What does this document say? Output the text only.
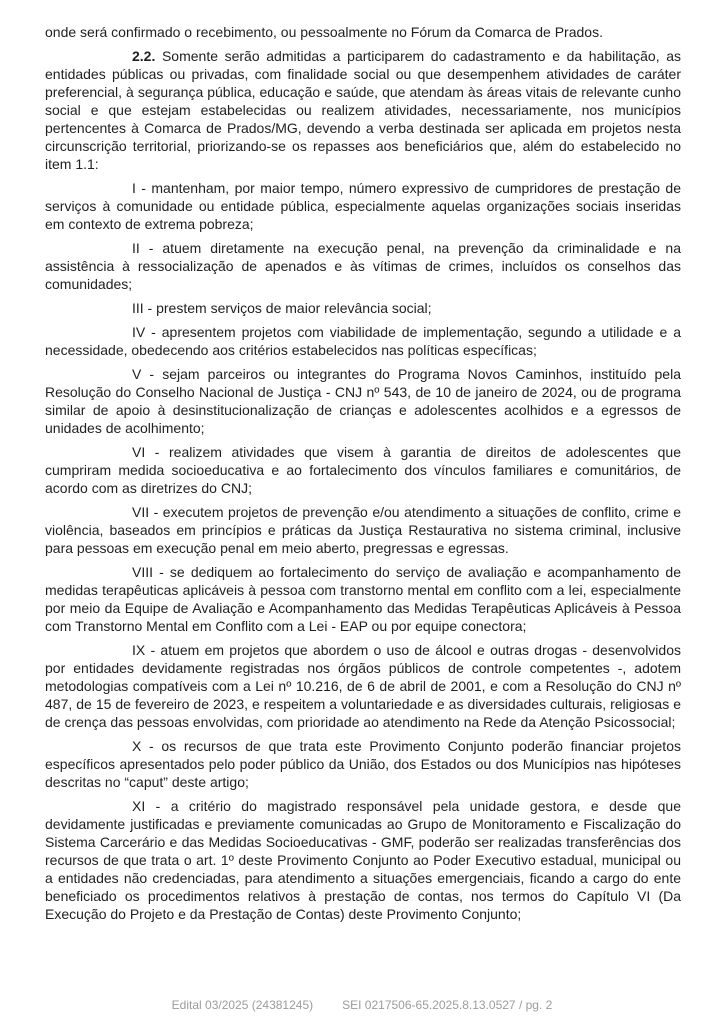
onde será confirmado o recebimento, ou pessoalmente no Fórum da Comarca de Prados.

2.2. Somente serão admitidas a participarem do cadastramento e da habilitação, as entidades públicas ou privadas, com finalidade social ou que desempenhem atividades de caráter preferencial, à segurança pública, educação e saúde, que atendam às áreas vitais de relevante cunho social e que estejam estabelecidas ou realizem atividades, necessariamente, nos municípios pertencentes à Comarca de Prados/MG, devendo a verba destinada ser aplicada em projetos nesta circunscrição territorial, priorizando-se os repasses aos beneficiários que, além do estabelecido no item 1.1:

I - mantenham, por maior tempo, número expressivo de cumpridores de prestação de serviços à comunidade ou entidade pública, especialmente aquelas organizações sociais inseridas em contexto de extrema pobreza;

II - atuem diretamente na execução penal, na prevenção da criminalidade e na assistência à ressocialização de apenados e às vítimas de crimes, incluídos os conselhos das comunidades;

III - prestem serviços de maior relevância social;

IV - apresentem projetos com viabilidade de implementação, segundo a utilidade e a necessidade, obedecendo aos critérios estabelecidos nas políticas específicas;

V - sejam parceiros ou integrantes do Programa Novos Caminhos, instituído pela Resolução do Conselho Nacional de Justiça - CNJ nº 543, de 10 de janeiro de 2024, ou de programa similar de apoio à desinstitucionalização de crianças e adolescentes acolhidos e a egressos de unidades de acolhimento;

VI - realizem atividades que visem à garantia de direitos de adolescentes que cumpriram medida socioeducativa e ao fortalecimento dos vínculos familiares e comunitários, de acordo com as diretrizes do CNJ;

VII - executem projetos de prevenção e/ou atendimento a situações de conflito, crime e violência, baseados em princípios e práticas da Justiça Restaurativa no sistema criminal, inclusive para pessoas em execução penal em meio aberto, pregressas e egressas.

VIII - se dediquem ao fortalecimento do serviço de avaliação e acompanhamento de medidas terapêuticas aplicáveis à pessoa com transtorno mental em conflito com a lei, especialmente por meio da Equipe de Avaliação e Acompanhamento das Medidas Terapêuticas Aplicáveis à Pessoa com Transtorno Mental em Conflito com a Lei - EAP ou por equipe conectora;

IX - atuem em projetos que abordem o uso de álcool e outras drogas - desenvolvidos por entidades devidamente registradas nos órgãos públicos de controle competentes -, adotem metodologias compatíveis com a Lei nº 10.216, de 6 de abril de 2001, e com a Resolução do CNJ nº 487, de 15 de fevereiro de 2023, e respeitem a voluntariedade e as diversidades culturais, religiosas e de crença das pessoas envolvidas, com prioridade ao atendimento na Rede da Atenção Psicossocial;

X - os recursos de que trata este Provimento Conjunto poderão financiar projetos específicos apresentados pelo poder público da União, dos Estados ou dos Municípios nas hipóteses descritas no “caput” deste artigo;

XI - a critério do magistrado responsável pela unidade gestora, e desde que devidamente justificadas e previamente comunicadas ao Grupo de Monitoramento e Fiscalização do Sistema Carcerário e das Medidas Socioeducativas - GMF, poderão ser realizadas transferências dos recursos de que trata o art. 1º deste Provimento Conjunto ao Poder Executivo estadual, municipal ou a entidades não credenciadas, para atendimento a situações emergenciais, ficando a cargo do ente beneficiado os procedimentos relativos à prestação de contas, nos termos do Capítulo VI (Da Execução do Projeto e da Prestação de Contas) deste Provimento Conjunto;

Edital 03/2025 (24381245) SEI 0217506-65.2025.8.13.0527 / pg. 2
